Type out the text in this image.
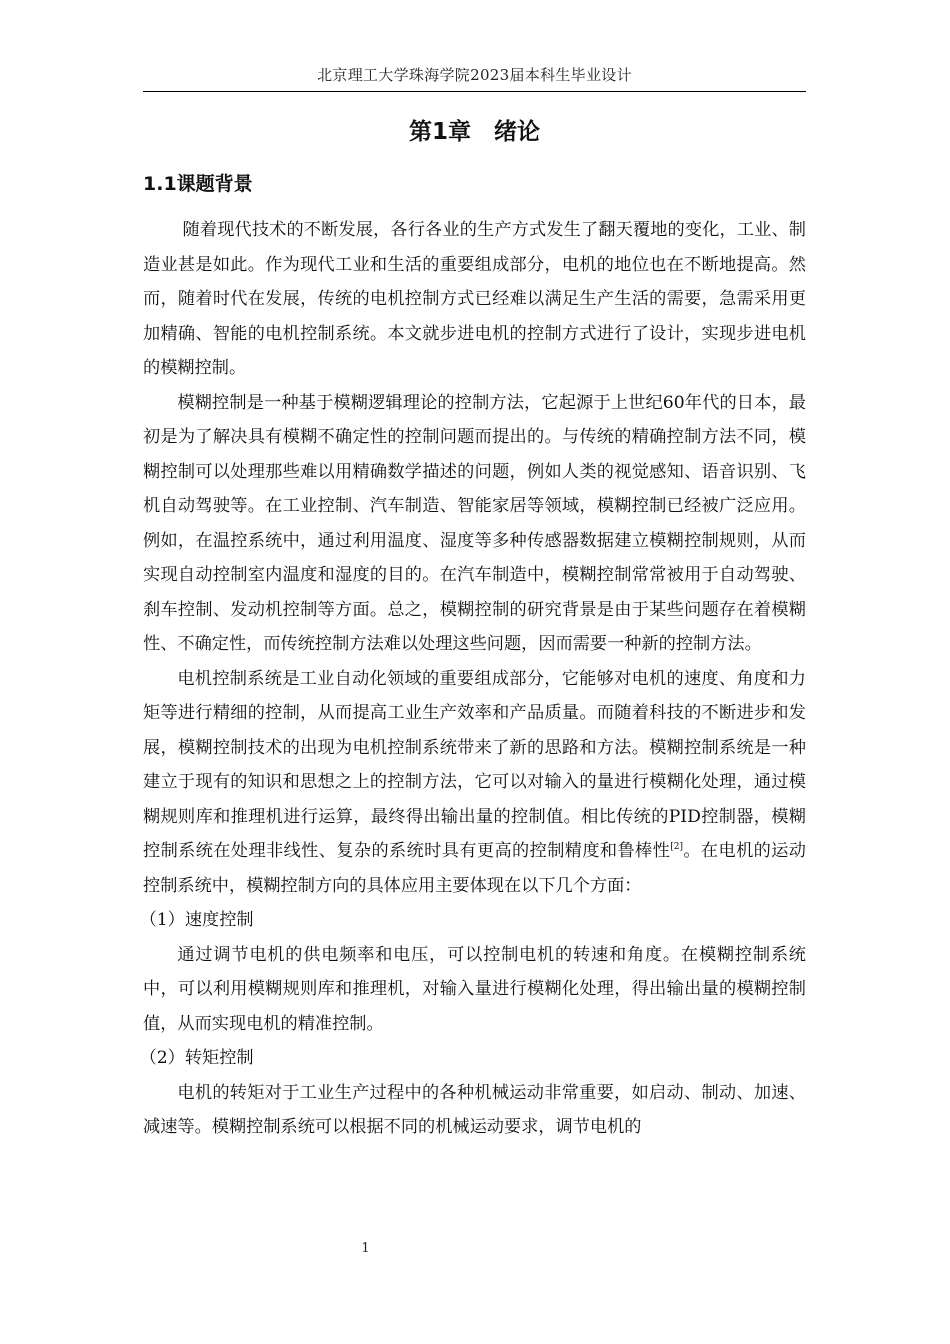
北京理工大学珠海学院2023届本科生毕业设计
第1章　绪论
1.1课题背景

随着现代技术的不断发展，各行各业的生产方式发生了翻天覆地的变化，工业、制造业甚是如此。作为现代工业和生活的重要组成部分，电机的地位也在不断地提高。然而，随着时代在发展，传统的电机控制方式已经难以满足生产生活的需要，急需采用更加精确、智能的电机控制系统。本文就步进电机的控制方式进行了设计，实现步进电机的模糊控制。

模糊控制是一种基于模糊逻辑理论的控制方法，它起源于上世纪60年代的日本，最初是为了解决具有模糊不确定性的控制问题而提出的。与传统的精确控制方法不同，模糊控制可以处理那些难以用精确数学描述的问题，例如人类的视觉感知、语音识别、飞机自动驾驶等。在工业控制、汽车制造、智能家居等领域，模糊控制已经被广泛应用。例如，在温控系统中，通过利用温度、湿度等多种传感器数据建立模糊控制规则，从而实现自动控制室内温度和湿度的目的。在汽车制造中，模糊控制常常被用于自动驾驶、刹车控制、发动机控制等方面。总之，模糊控制的研究背景是由于某些问题存在着模糊性、不确定性，而传统控制方法难以处理这些问题，因而需要一种新的控制方法。

电机控制系统是工业自动化领域的重要组成部分，它能够对电机的速度、角度和力矩等进行精细的控制，从而提高工业生产效率和产品质量。而随着科技的不断进步和发展，模糊控制技术的出现为电机控制系统带来了新的思路和方法。模糊控制系统是一种建立于现有的知识和思想之上的控制方法，它可以对输入的量进行模糊化处理，通过模糊规则库和推理机进行运算，最终得出输出量的控制值。相比传统的PID控制器，模糊控制系统在处理非线性、复杂的系统时具有更高的控制精度和鲁棒性[2]。在电机的运动控制系统中，模糊控制方向的具体应用主要体现在以下几个方面：

（1）速度控制

通过调节电机的供电频率和电压，可以控制电机的转速和角度。在模糊控制系统中，可以利用模糊规则库和推理机，对输入量进行模糊化处理，得出输出量的模糊控制值，从而实现电机的精准控制。

（2）转矩控制

电机的转矩对于工业生产过程中的各种机械运动非常重要，如启动、制动、加速、减速等。模糊控制系统可以根据不同的机械运动要求，调节电机的

1
